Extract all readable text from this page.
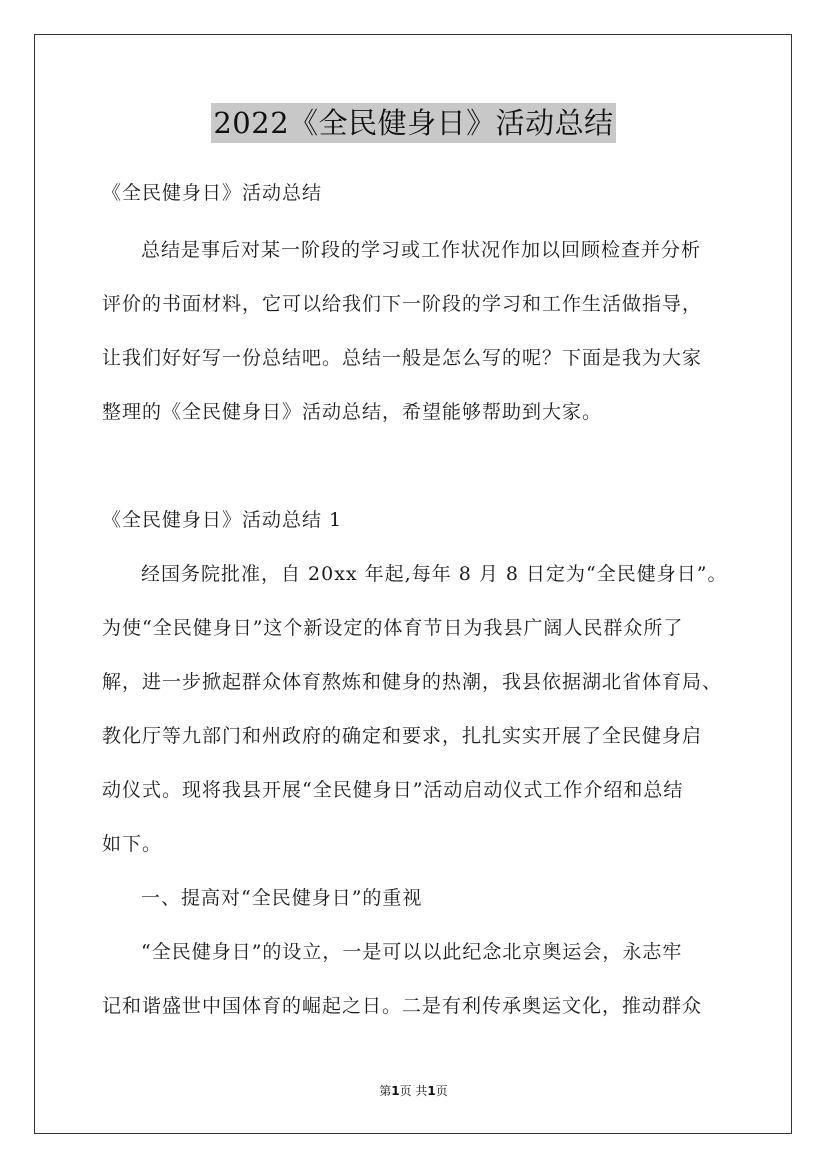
2022《全民健身日》活动总结
《全民健身日》活动总结
总结是事后对某一阶段的学习或工作状况作加以回顾检查并分析
评价的书面材料，它可以给我们下一阶段的学习和工作生活做指导，
让我们好好写一份总结吧。总结一般是怎么写的呢？下面是我为大家
整理的《全民健身日》活动总结，希望能够帮助到大家。
《全民健身日》活动总结 1
经国务院批准，自 20xx 年起,每年 8 月 8 日定为“全民健身日”。
为使“全民健身日”这个新设定的体育节日为我县广阔人民群众所了
解，进一步掀起群众体育熬炼和健身的热潮，我县依据湖北省体育局、
教化厅等九部门和州政府的确定和要求，扎扎实实开展了全民健身启
动仪式。现将我县开展“全民健身日”活动启动仪式工作介绍和总结
如下。
一、提高对“全民健身日”的重视
“全民健身日”的设立，一是可以以此纪念北京奥运会，永志牢
记和谐盛世中国体育的崛起之日。二是有利传承奥运文化，推动群众
第1页 共1页
